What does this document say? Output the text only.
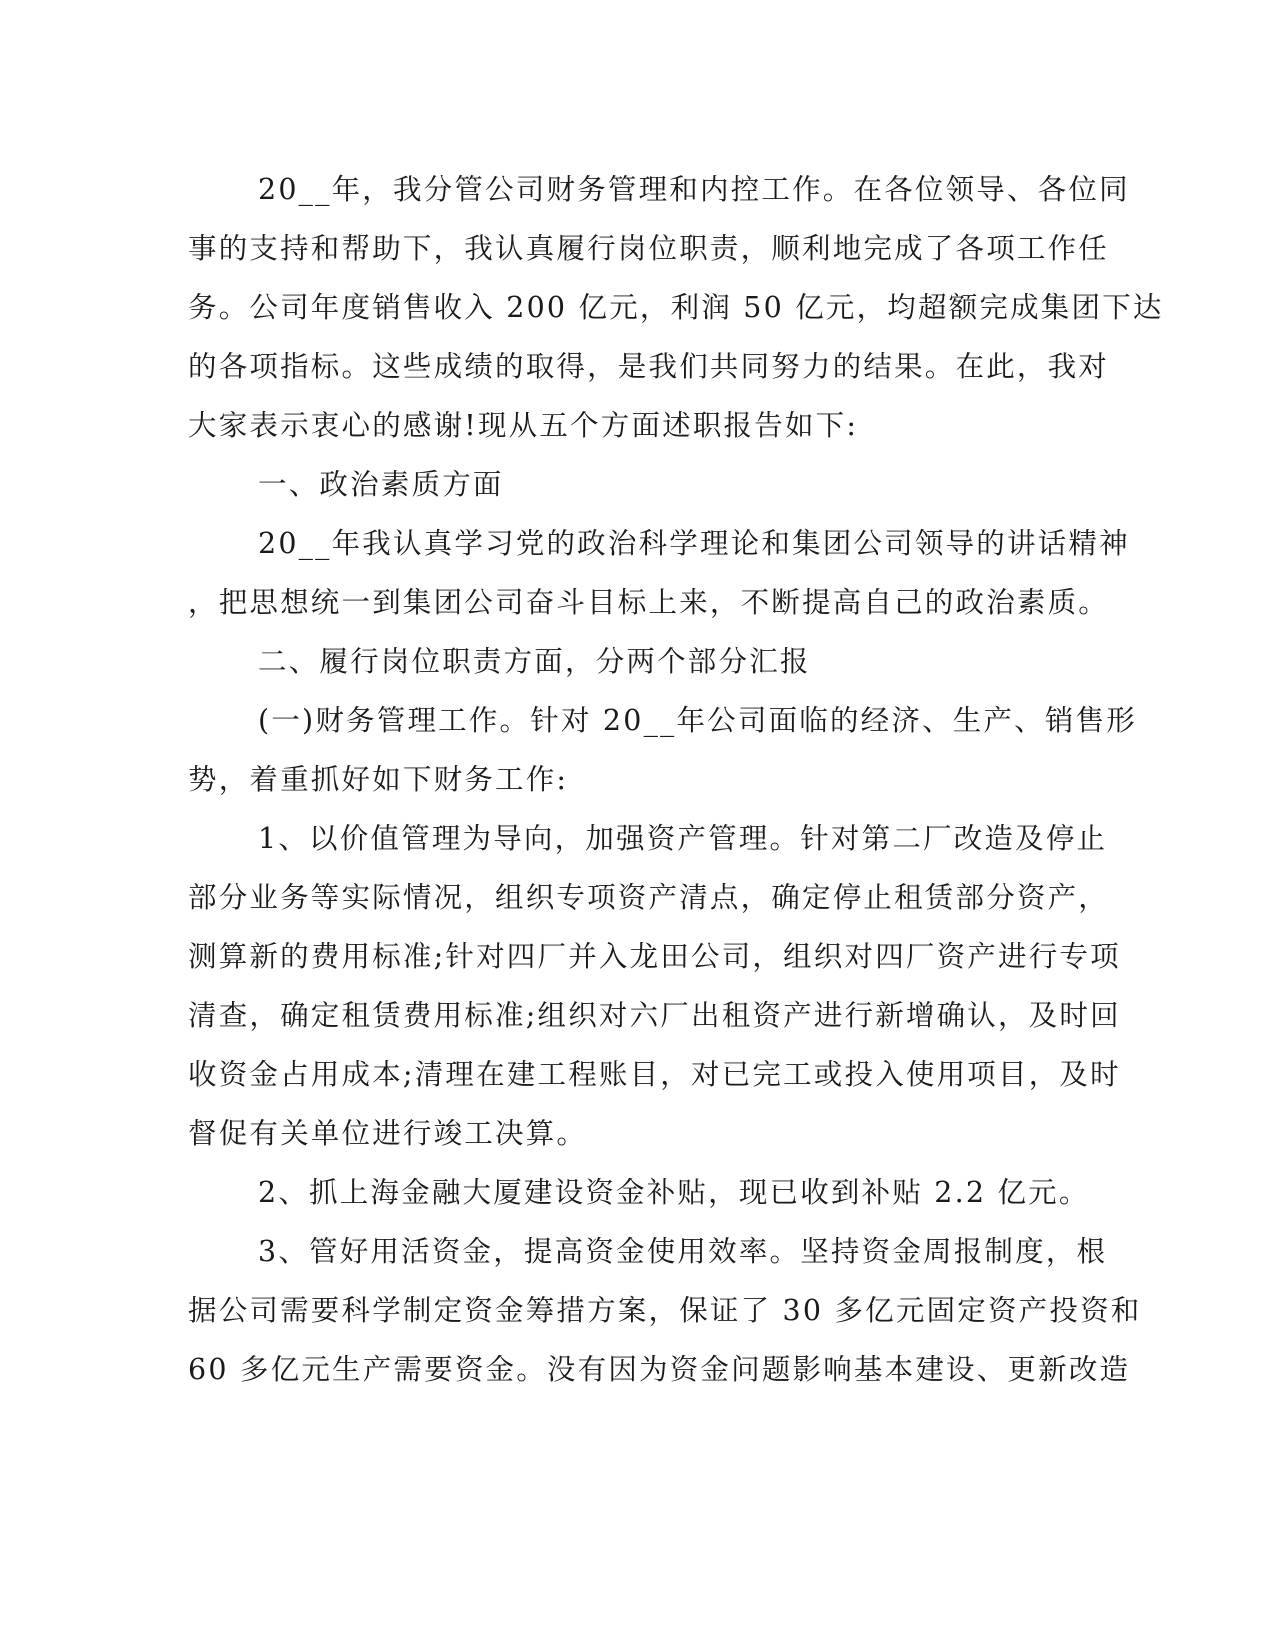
20__年，我分管公司财务管理和内控工作。在各位领导、各位同
事的支持和帮助下，我认真履行岗位职责，顺利地完成了各项工作任
务。公司年度销售收入 200 亿元，利润 50 亿元，均超额完成集团下达
的各项指标。这些成绩的取得，是我们共同努力的结果。在此，我对
大家表示衷心的感谢!现从五个方面述职报告如下:
一、政治素质方面
20__年我认真学习党的政治科学理论和集团公司领导的讲话精神
，把思想统一到集团公司奋斗目标上来，不断提高自己的政治素质。
二、履行岗位职责方面，分两个部分汇报
(一)财务管理工作。针对 20__年公司面临的经济、生产、销售形
势，着重抓好如下财务工作:
1、以价值管理为导向，加强资产管理。针对第二厂改造及停止
部分业务等实际情况，组织专项资产清点，确定停止租赁部分资产，
测算新的费用标准;针对四厂并入龙田公司，组织对四厂资产进行专项
清查，确定租赁费用标准;组织对六厂出租资产进行新增确认，及时回
收资金占用成本;清理在建工程账目，对已完工或投入使用项目，及时
督促有关单位进行竣工决算。
2、抓上海金融大厦建设资金补贴，现已收到补贴 2.2 亿元。
3、管好用活资金，提高资金使用效率。坚持资金周报制度，根
据公司需要科学制定资金筹措方案，保证了 30 多亿元固定资产投资和
60 多亿元生产需要资金。没有因为资金问题影响基本建设、更新改造
